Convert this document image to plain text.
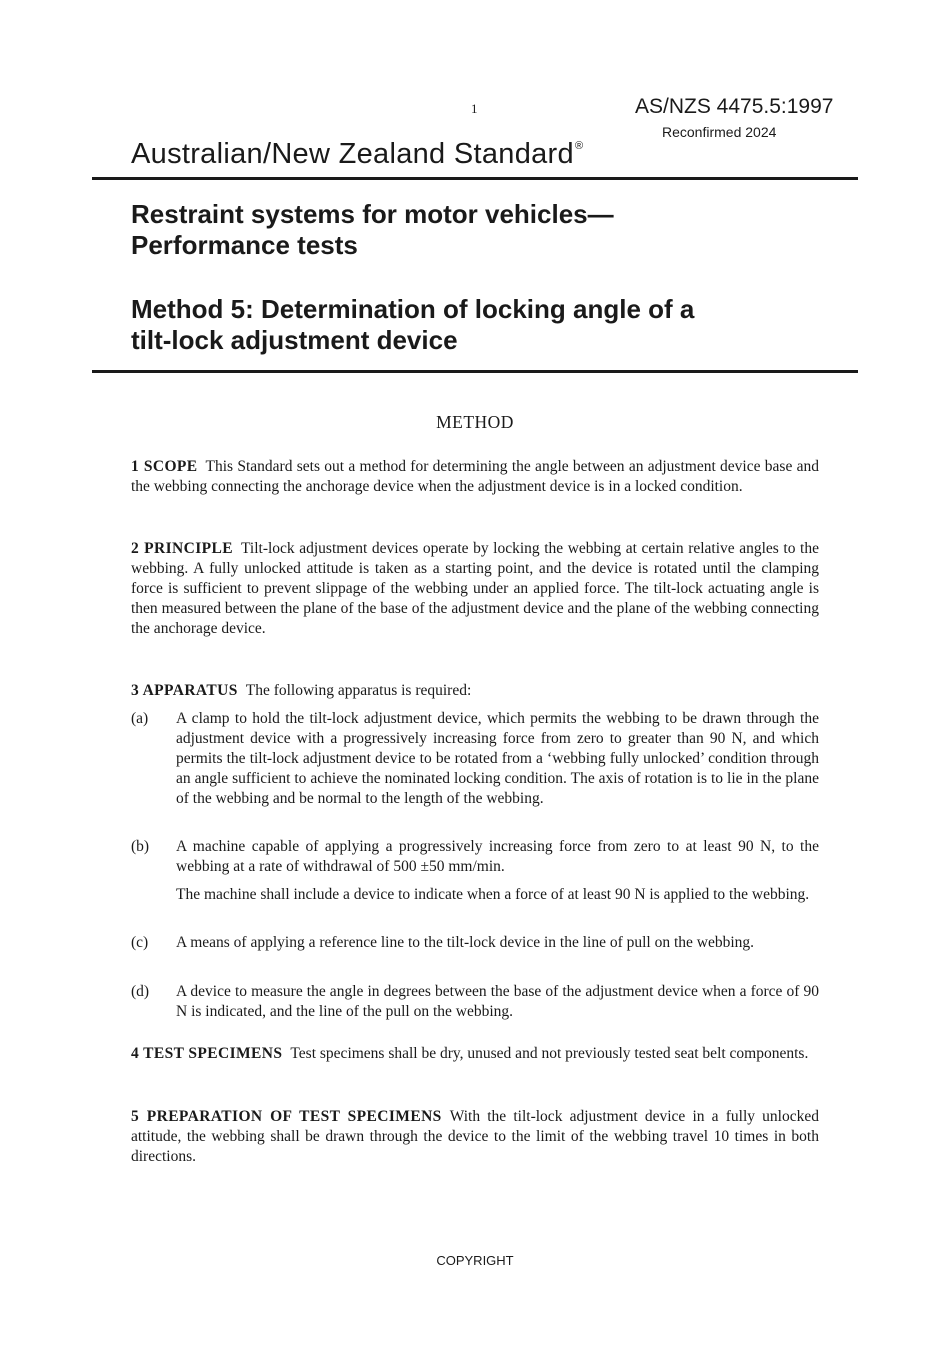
1	AS/NZS 4475.5:1997
Reconfirmed 2024
Australian/New Zealand Standard®
Restraint systems for motor vehicles—
Performance tests
Method 5: Determination of locking angle of a
tilt-lock adjustment device
METHOD
1 SCOPE This Standard sets out a method for determining the angle between an adjustment device base and the webbing connecting the anchorage device when the adjustment device is in a locked condition.
2 PRINCIPLE Tilt-lock adjustment devices operate by locking the webbing at certain relative angles to the webbing. A fully unlocked attitude is taken as a starting point, and the device is rotated until the clamping force is sufficient to prevent slippage of the webbing under an applied force. The tilt-lock actuating angle is then measured between the plane of the base of the adjustment device and the plane of the webbing connecting the anchorage device.
3 APPARATUS The following apparatus is required:
(a) A clamp to hold the tilt-lock adjustment device, which permits the webbing to be drawn through the adjustment device with a progressively increasing force from zero to greater than 90 N, and which permits the tilt-lock adjustment device to be rotated from a ‘webbing fully unlocked’ condition through an angle sufficient to achieve the nominated locking condition. The axis of rotation is to lie in the plane of the webbing and be normal to the length of the webbing.
(b) A machine capable of applying a progressively increasing force from zero to at least 90 N, to the webbing at a rate of withdrawal of 500 ±50 mm/min.
The machine shall include a device to indicate when a force of at least 90 N is applied to the webbing.
(c) A means of applying a reference line to the tilt-lock device in the line of pull on the webbing.
(d) A device to measure the angle in degrees between the base of the adjustment device when a force of 90 N is indicated, and the line of the pull on the webbing.
4 TEST SPECIMENS Test specimens shall be dry, unused and not previously tested seat belt components.
5 PREPARATION OF TEST SPECIMENS With the tilt-lock adjustment device in a fully unlocked attitude, the webbing shall be drawn through the device to the limit of the webbing travel 10 times in both directions.
COPYRIGHT
